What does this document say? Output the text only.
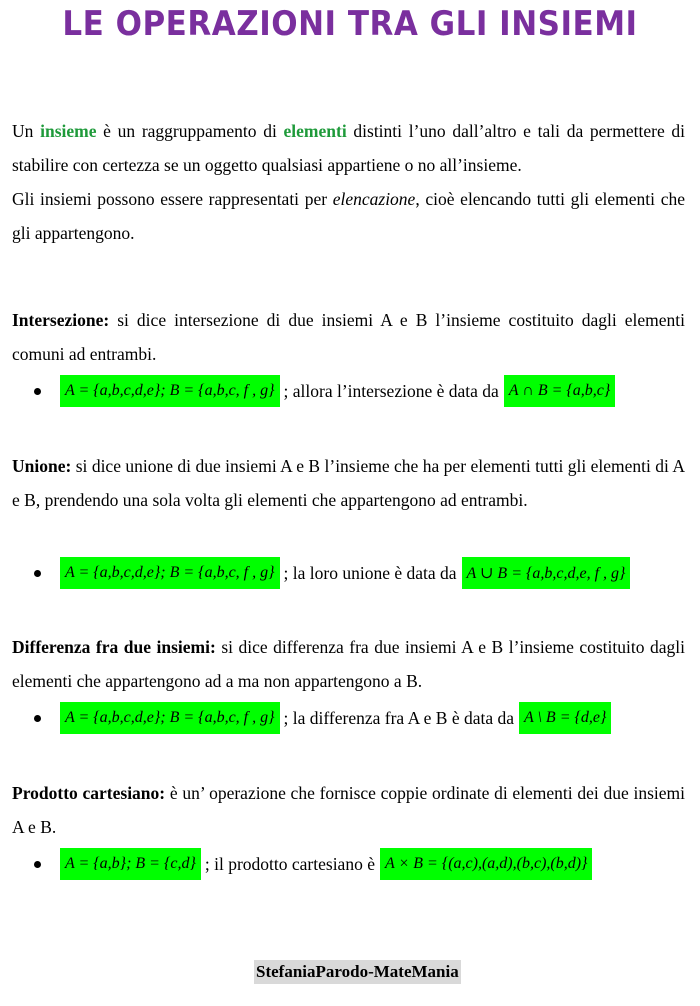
LE OPERAZIONI TRA GLI INSIEMI
Un insieme è un raggruppamento di elementi distinti l’uno dall’altro e tali da permettere di stabilire con certezza se un oggetto qualsiasi appartiene o no all’insieme.
Gli insiemi possono essere rappresentati per elencazione, cioè elencando tutti gli elementi che gli appartengono.
Intersezione: si dice intersezione di due insiemi A e B l’insieme costituito dagli elementi comuni ad entrambi.
A = {a,b,c,d,e}; B = {a,b,c, f , g} ; allora l’intersezione è data da A ∩ B = {a,b,c}
Unione: si dice unione di due insiemi A e B l’insieme che ha per elementi tutti gli elementi di A e B, prendendo una sola volta gli elementi che appartengono ad entrambi.
A = {a,b,c,d,e}; B = {a,b,c, f , g} ; la loro unione è data da A ∪ B = {a,b,c,d,e, f , g}
Differenza fra due insiemi: si dice differenza fra due insiemi A e B l’insieme costituito dagli elementi che appartengono ad a ma non appartengono a B.
A = {a,b,c,d,e}; B = {a,b,c, f , g} ; la differenza fra A e B è data da A \ B = {d,e}
Prodotto cartesiano: è un’ operazione che fornisce coppie ordinate di elementi dei due insiemi A e B.
A = {a,b}; B = {c,d} ; il prodotto cartesiano è A × B = {(a,c),(a,d),(b,c),(b,d)}
StefaniaParodo-MateMania
